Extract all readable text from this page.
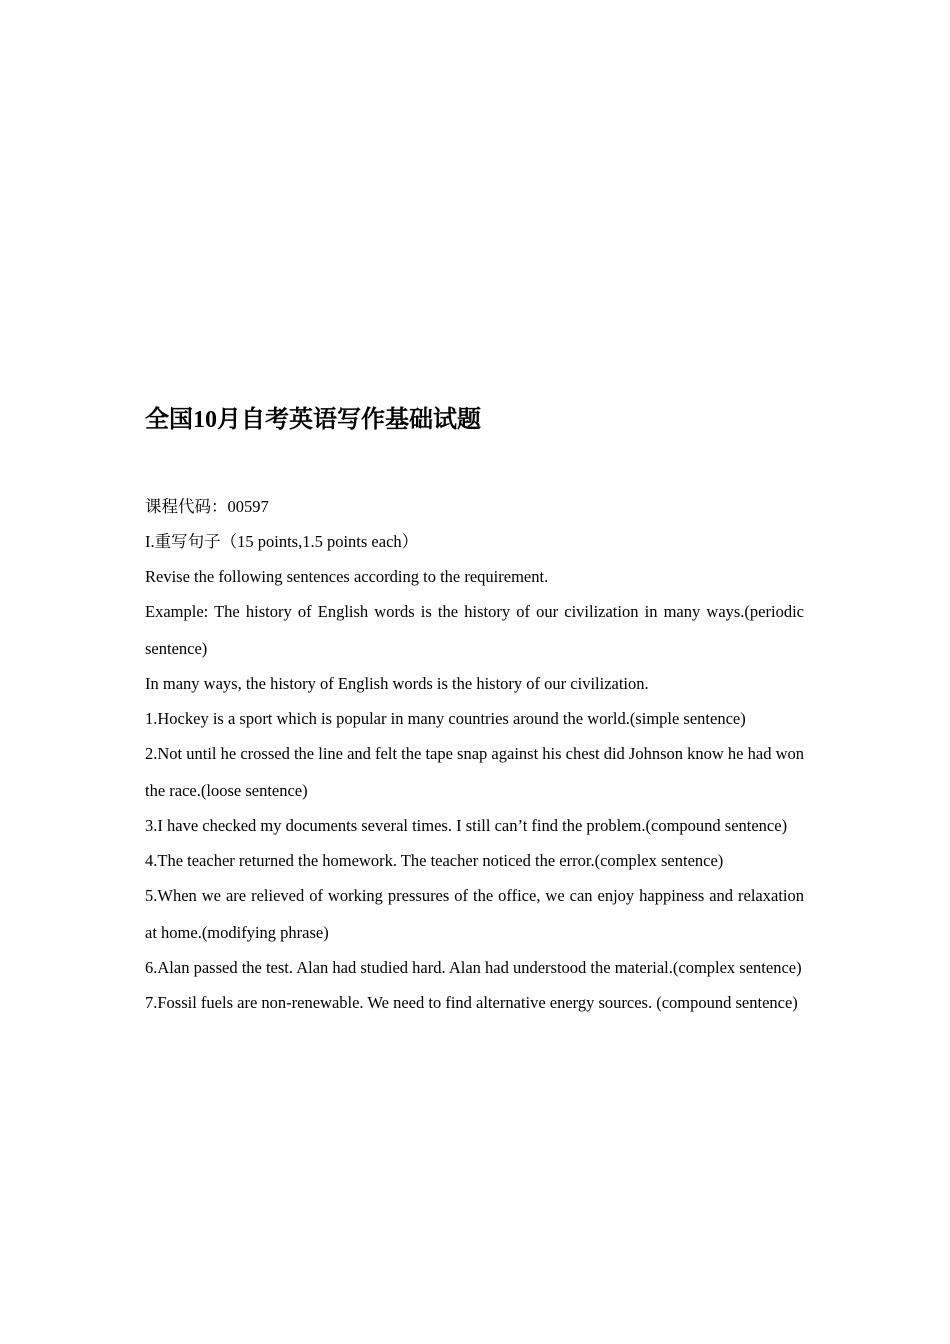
全国10月自考英语写作基础试题

课程代码：00597

I.重写句子（15 points,1.5 points each）

Revise the following sentences according to the requirement.

Example: The history of English words is the history of our civilization in many ways.(periodic sentence)

In many ways, the history of English words is the history of our civilization.

1.Hockey is a sport which is popular in many countries around the world.(simple sentence)

2.Not until he crossed the line and felt the tape snap against his chest did Johnson know he had won the race.(loose sentence)

3.I have checked my documents several times. I still can’t find the problem.(compound sentence)

4.The teacher returned the homework. The teacher noticed the error.(complex sentence)

5.When we are relieved of working pressures of the office, we can enjoy happiness and relaxation at home.(modifying phrase)

6.Alan passed the test. Alan had studied hard. Alan had understood the material.(complex sentence)

7.Fossil fuels are non-renewable. We need to find alternative energy sources. (compound sentence)
